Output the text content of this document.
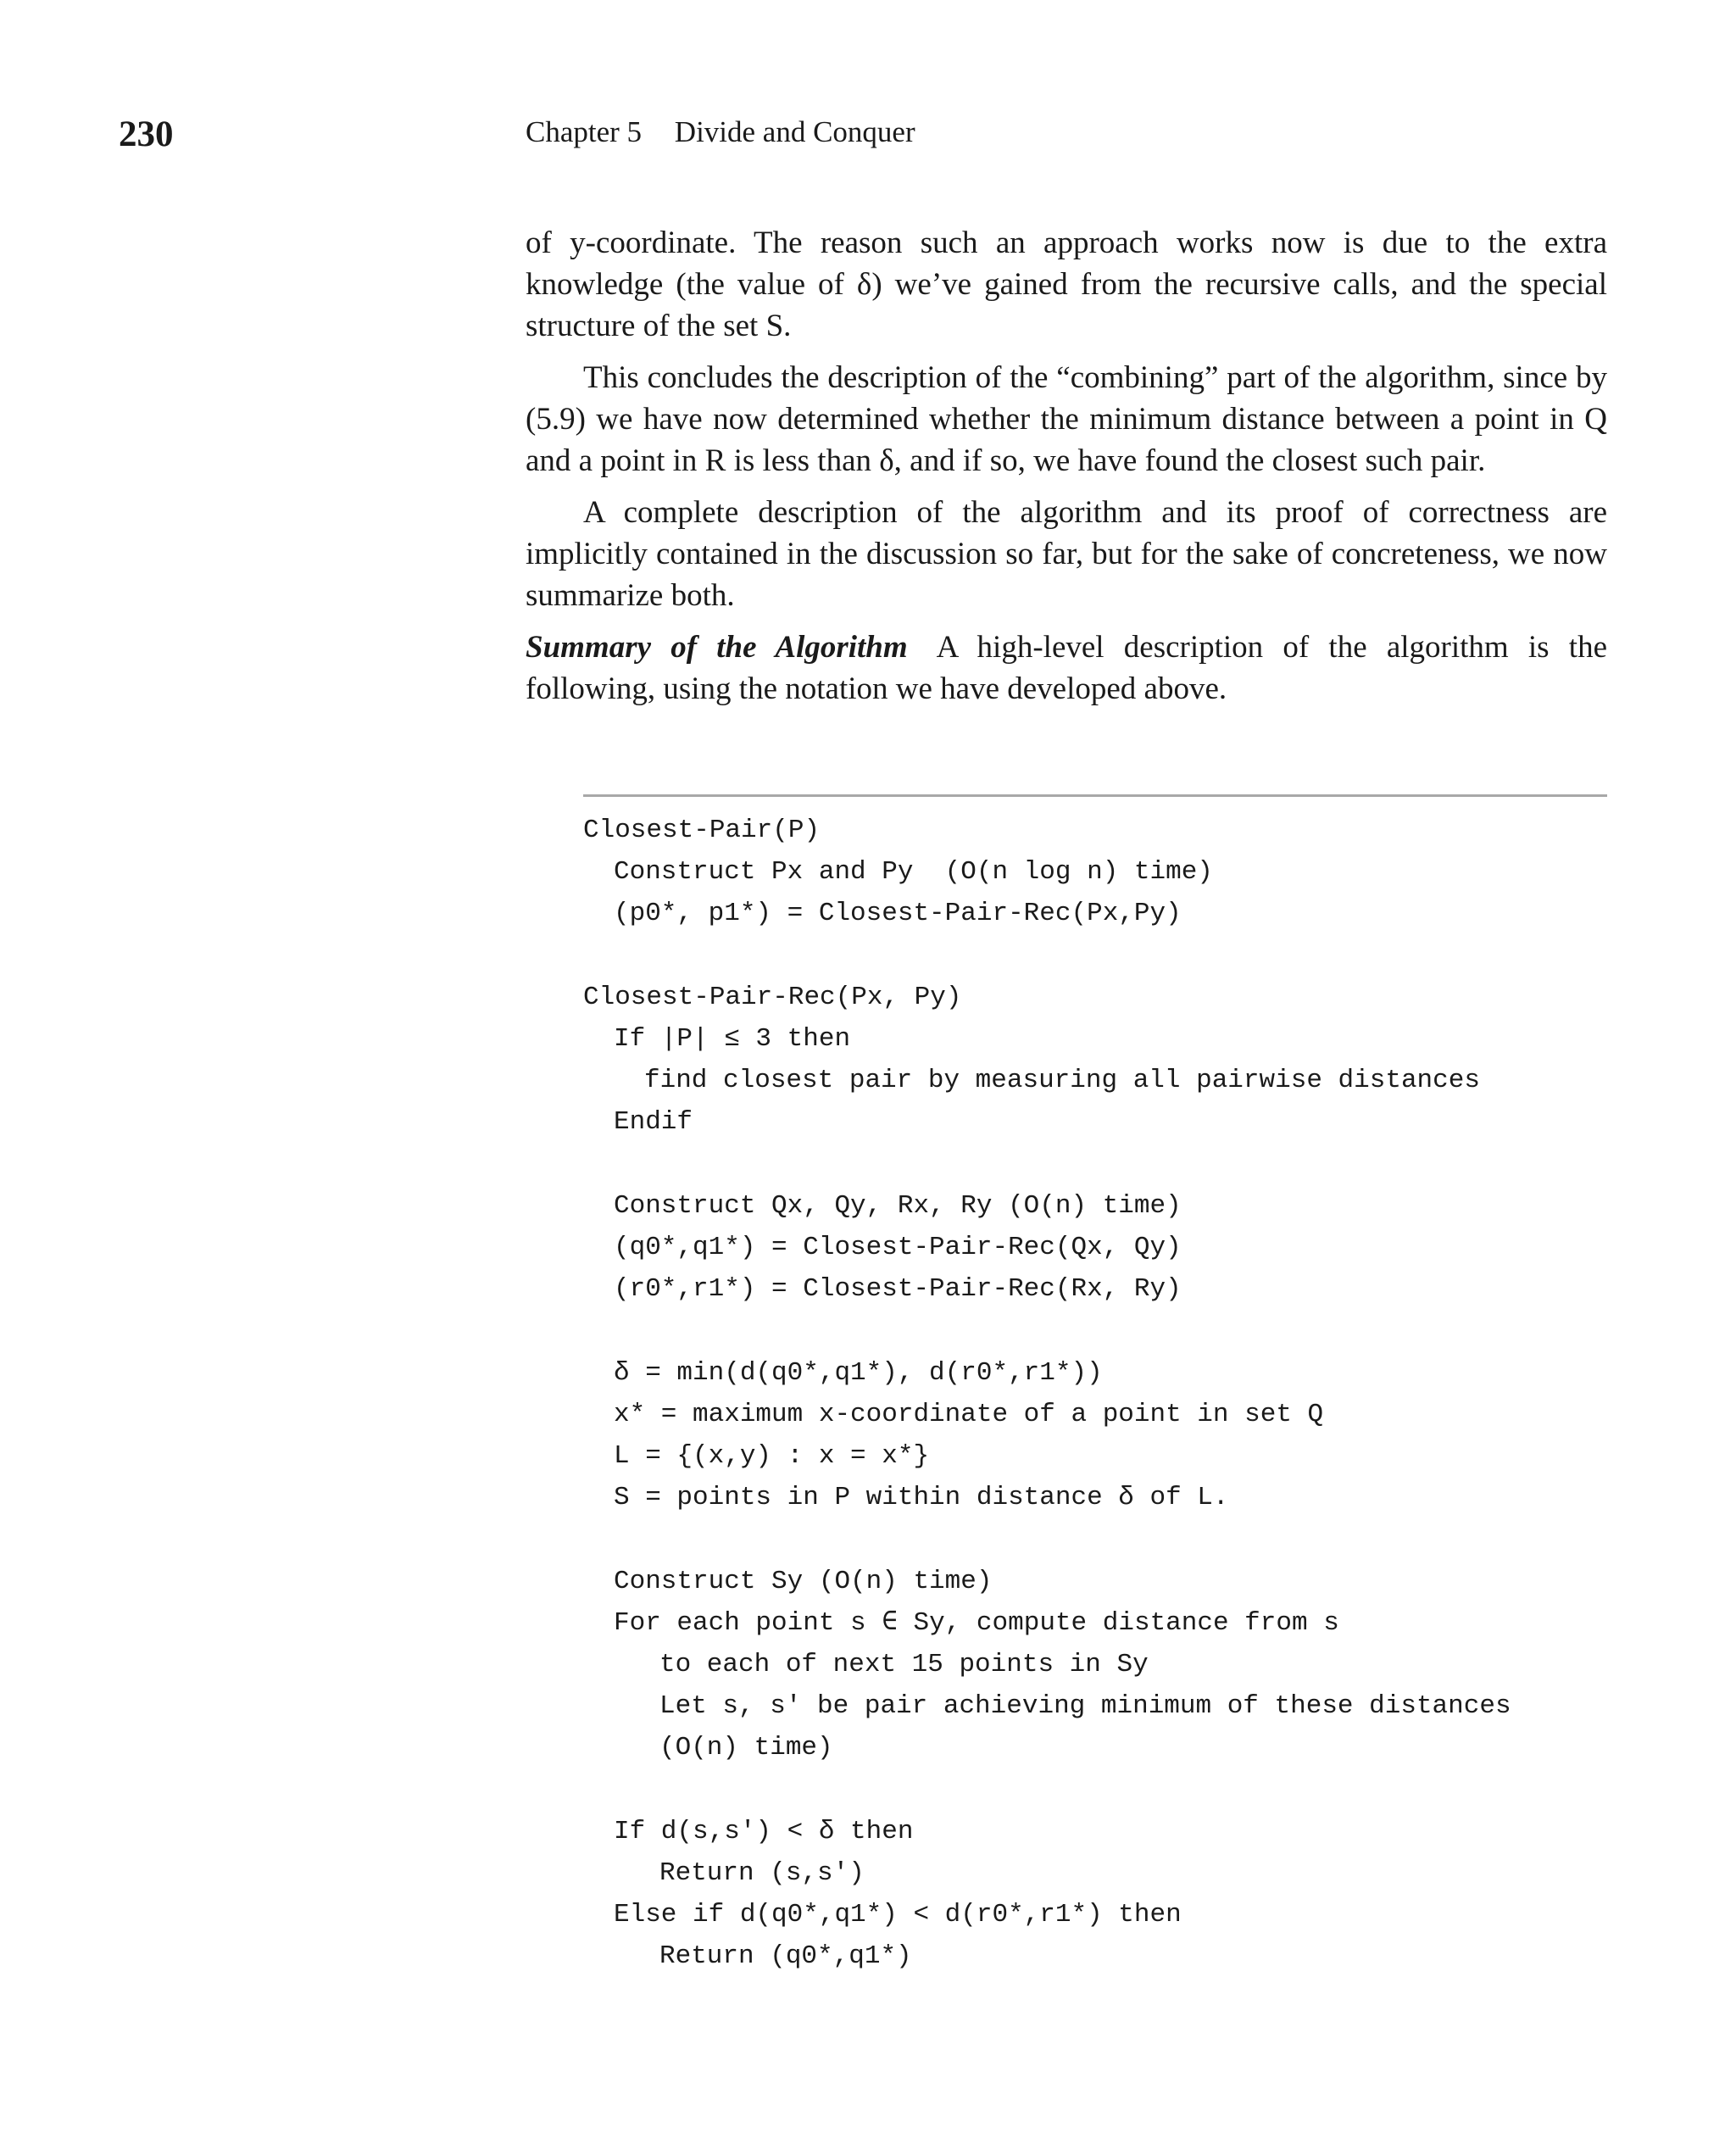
230	Chapter 5 Divide and Conquer

of y-coordinate. The reason such an approach works now is due to the extra knowledge (the value of δ) we’ve gained from the recursive calls, and the special structure of the set S.

This concludes the description of the “combining” part of the algorithm, since by (5.9) we have now determined whether the minimum distance between a point in Q and a point in R is less than δ, and if so, we have found the closest such pair.

A complete description of the algorithm and its proof of correctness are implicitly contained in the discussion so far, but for the sake of concreteness, we now summarize both.

Summary of the Algorithm A high-level description of the algorithm is the following, using the notation we have developed above.

Closest-Pair(P)
Construct Px and Py  (O(n log n) time)
(p0*, p1*) = Closest-Pair-Rec(Px,Py)
Closest-Pair-Rec(Px, Py)
If |P| ≤ 3 then
find closest pair by measuring all pairwise distances
Endif
Construct Qx, Qy, Rx, Ry (O(n) time)
(q0*,q1*) = Closest-Pair-Rec(Qx, Qy)
(r0*,r1*) = Closest-Pair-Rec(Rx, Ry)
δ = min(d(q0*,q1*), d(r0*,r1*))
x* = maximum x-coordinate of a point in set Q
L = {(x,y) : x = x*}
S = points in P within distance δ of L.
Construct Sy (O(n) time)
For each point s ∈ Sy, compute distance from s
to each of next 15 points in Sy
Let s, s′ be pair achieving minimum of these distances
(O(n) time)
If d(s,s′) < δ then
Return (s,s′)
Else if d(q0*,q1*) < d(r0*,r1*) then
Return (q0*,q1*)
